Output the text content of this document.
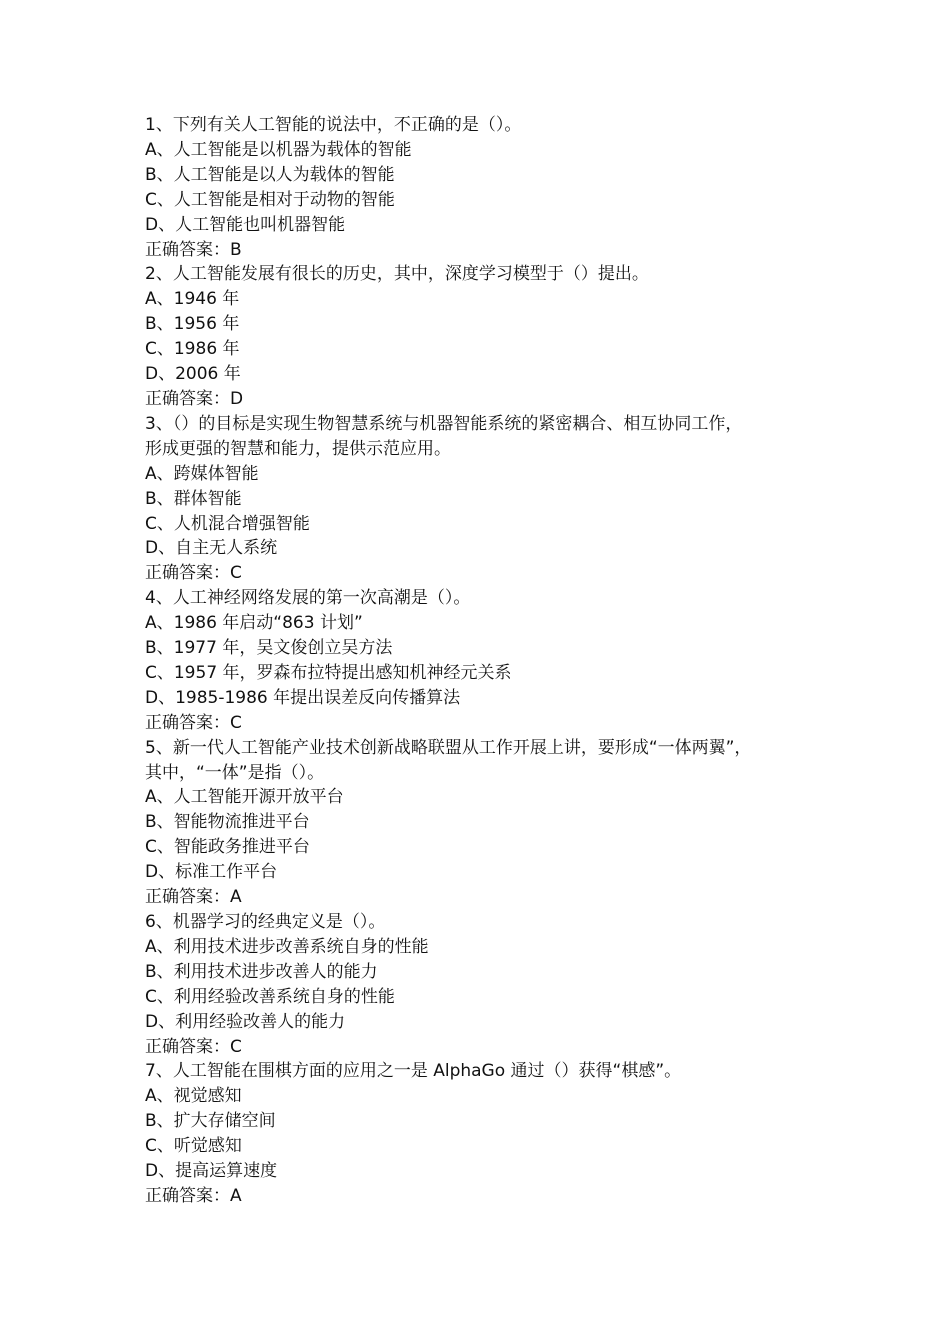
1、下列有关人工智能的说法中，不正确的是（）。
A、人工智能是以机器为载体的智能
B、人工智能是以人为载体的智能
C、人工智能是相对于动物的智能
D、人工智能也叫机器智能
正确答案：B
2、人工智能发展有很长的历史，其中，深度学习模型于（）提出。
A、1946 年
B、1956 年
C、1986 年
D、2006 年
正确答案：D
3、（）的目标是实现生物智慧系统与机器智能系统的紧密耦合、相互协同工作，
形成更强的智慧和能力，提供示范应用。
A、跨媒体智能
B、群体智能
C、人机混合增强智能
D、自主无人系统
正确答案：C
4、人工神经网络发展的第一次高潮是（）。
A、1986 年启动“863 计划”
B、1977 年，吴文俊创立吴方法
C、1957 年，罗森布拉特提出感知机神经元关系
D、1985-1986 年提出误差反向传播算法
正确答案：C
5、新一代人工智能产业技术创新战略联盟从工作开展上讲，要形成“一体两翼”，
其中，“一体”是指（）。
A、人工智能开源开放平台
B、智能物流推进平台
C、智能政务推进平台
D、标准工作平台
正确答案：A
6、机器学习的经典定义是（）。
A、利用技术进步改善系统自身的性能
B、利用技术进步改善人的能力
C、利用经验改善系统自身的性能
D、利用经验改善人的能力
正确答案：C
7、人工智能在围棋方面的应用之一是 AlphaGo 通过（）获得“棋感”。
A、视觉感知
B、扩大存储空间
C、听觉感知
D、提高运算速度
正确答案：A
